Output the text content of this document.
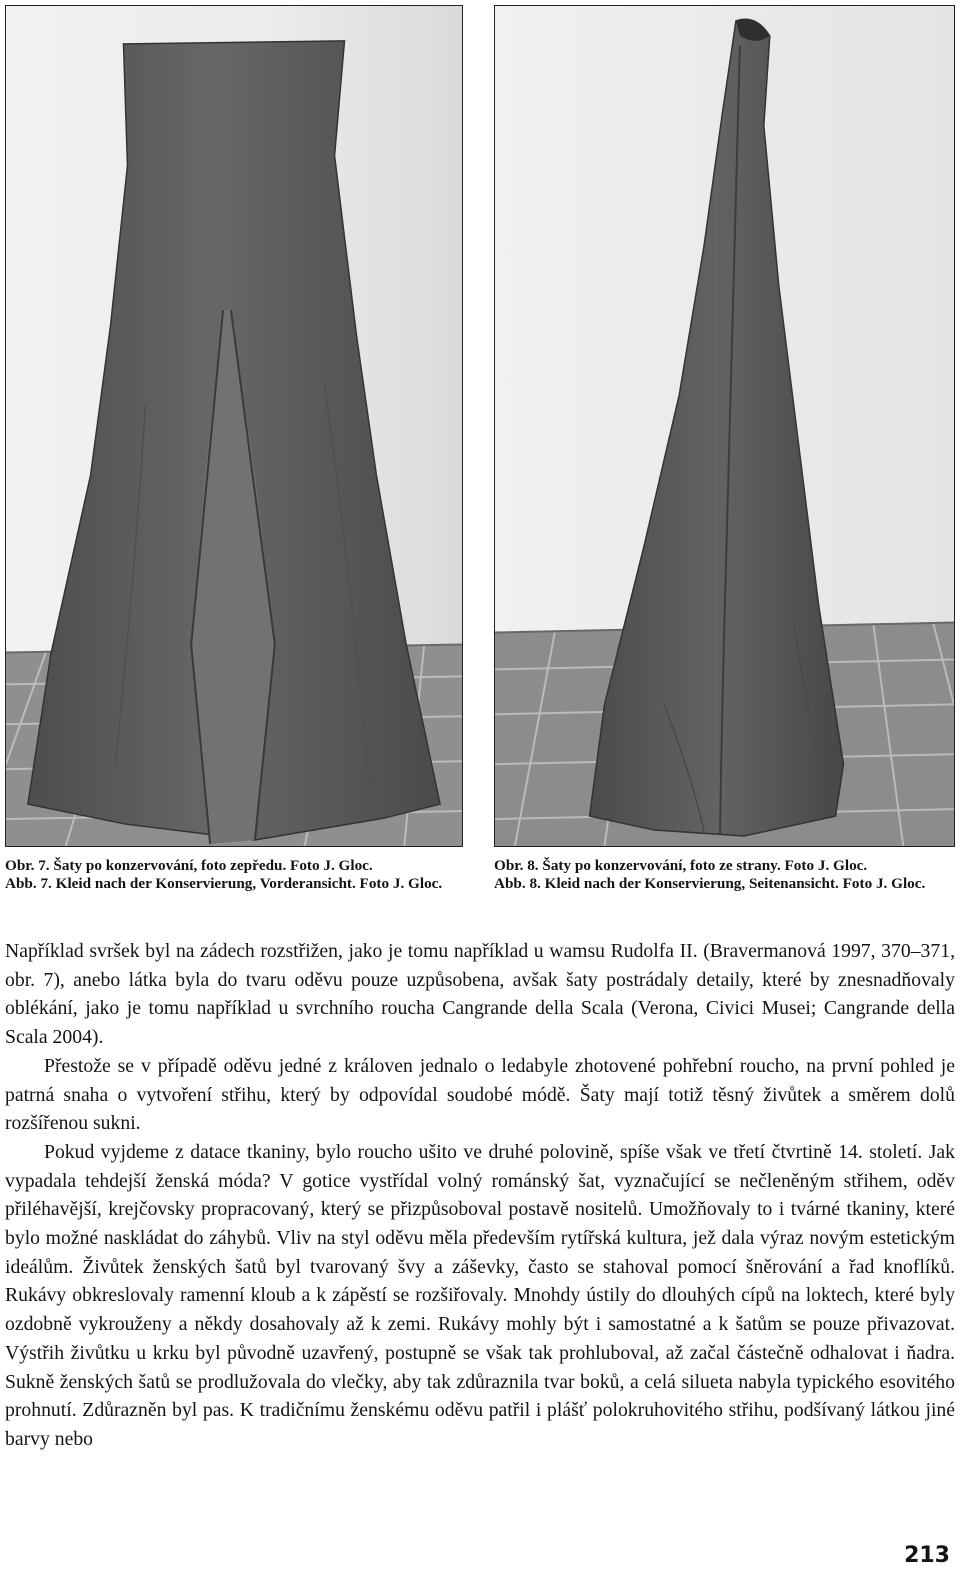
Obr. 7. Šaty po konzervování, foto zepředu. Foto J. Gloc.
Abb. 7. Kleid nach der Konservierung, Vorderansicht. Foto J. Gloc.

Obr. 8. Šaty po konzervování, foto ze strany. Foto J. Gloc.
Abb. 8. Kleid nach der Konservierung, Seitenansicht. Foto J. Gloc.

Například svršek byl na zádech rozstřižen, jako je tomu například u wamsu Rudolfa II. (Bravermanová 1997, 370–371, obr. 7), anebo látka byla do tvaru oděvu pouze uzpůsobena, avšak šaty postrádaly detaily, které by znesnadňovaly oblékání, jako je tomu například u svrchního roucha Cangrande della Scala (Verona, Civici Musei; Cangrande della Scala 2004).

Přestože se v případě oděvu jedné z královen jednalo o ledabyle zhotovené pohřební roucho, na první pohled je patrná snaha o vytvoření střihu, který by odpovídal soudobé módě. Šaty mají totiž těsný živůtek a směrem dolů rozšířenou sukni.

Pokud vyjdeme z datace tkaniny, bylo roucho ušito ve druhé polovině, spíše však ve třetí čtvrtině 14. století. Jak vypadala tehdejší ženská móda? V gotice vystřídal volný románský šat, vyznačující se nečleněným střihem, oděv přiléhavější, krejčovsky propracovaný, který se přizpůsoboval postavě nositelů. Umožňovaly to i tvárné tkaniny, které bylo možné naskládat do záhybů. Vliv na styl oděvu měla především rytířská kultura, jež dala výraz novým estetickým ideálům. Živůtek ženských šatů byl tvarovaný švy a záševky, často se stahoval pomocí šněrování a řad knoflíků. Rukávy obkreslovaly ramenní kloub a k zápěstí se rozšiřovaly. Mnohdy ústily do dlouhých cípů na loktech, které byly ozdobně vykrouženy a někdy dosahovaly až k zemi. Rukávy mohly být i samostatné a k šatům se pouze přivazovat. Výstřih živůtku u krku byl původně uzavřený, postupně se však tak prohluboval, až začal částečně odhalovat i ňadra. Sukně ženských šatů se prodlužovala do vlečky, aby tak zdůraznila tvar boků, a celá silueta nabyla typického esovitého prohnutí. Zdůrazněn byl pas. K tradičnímu ženskému oděvu patřil i plášť polokruhovitého střihu, podšívaný látkou jiné barvy nebo

213
